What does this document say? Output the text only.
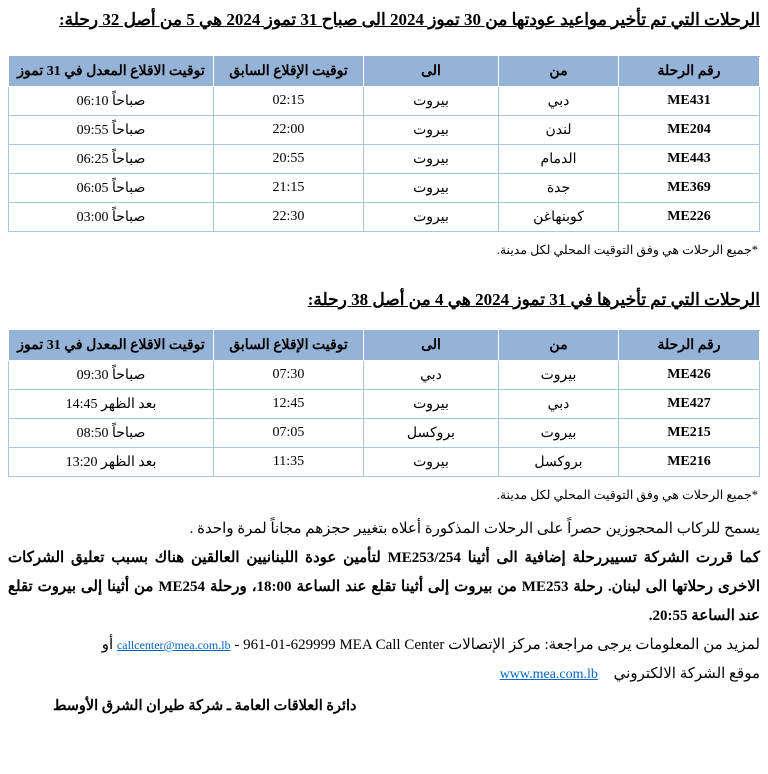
الرحلات التي تم تأخير مواعيد عودتها من 30 تموز 2024 الى صباح 31 تموز 2024 هي 5 من أصل 32 رحلة:

رقم الرحلة	من	الى	توقيت الإقلاع السابق	توقيت الاقلاع المعدل في 31 تموز
ME431	دبي	بيروت	02:15	06:10 صباحاً
ME204	لندن	بيروت	22:00	09:55 صباحاً
ME443	الدمام	بيروت	20:55	06:25 صباحاً
ME369	جدة	بيروت	21:15	06:05 صباحاً
ME226	كوبنهاغن	بيروت	22:30	03:00 صباحاً

*جميع الرحلات هي وفق التوقيت المحلي لكل مدينة.

الرحلات التي تم تأخيرها في 31 تموز 2024 هي 4 من أصل 38 رحلة:

رقم الرحلة	من	الى	توقيت الإقلاع السابق	توقيت الاقلاع المعدل في 31 تموز
ME426	بيروت	دبي	07:30	09:30 صباحاً
ME427	دبي	بيروت	12:45	14:45 بعد الظهر
ME215	بيروت	بروكسل	07:05	08:50 صباحاً
ME216	بروكسل	بيروت	11:35	13:20 بعد الظهر

*جميع الرحلات هي وفق التوقيت المحلي لكل مدينة.

يسمح للركاب المحجوزين حصراً على الرحلات المذكورة أعلاه بتغيير حجزهم مجاناً لمرة واحدة .

كما قررت الشركة تسييررحلة إضافية الى أثينا ME253/254 لتأمين عودة اللبنانيين العالقين هناك بسبب تعليق الشركات الاخرى رحلاتها الى لبنان. رحلة ME253 من بيروت إلى أثينا تقلع عند الساعة 18:00، ورحلة ME254 من أثينا إلى بيروت تقلع عند الساعة 20:55.

لمزيد من المعلومات يرجى مراجعة: مركز الإتصالات 961-01-629999 MEA Call Center - callcenter@mea.com.lb أو
موقع الشركة الالكتروني www.mea.com.lb

دائرة العلاقات العامة ـ شركة طيران الشرق الأوسط
